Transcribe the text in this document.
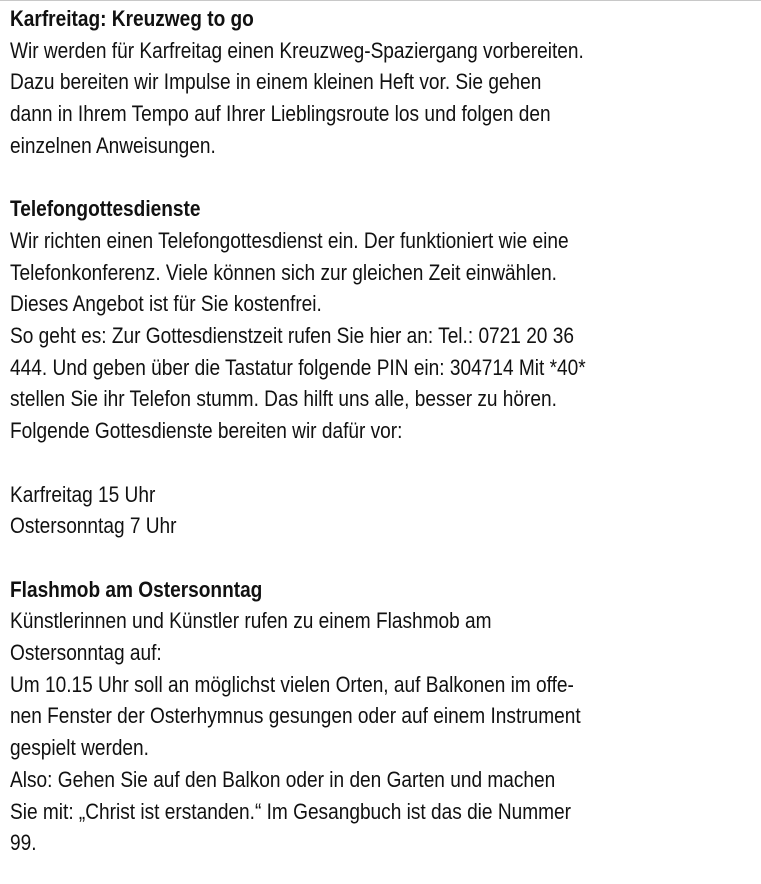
Karfreitag: Kreuzweg to go

Wir werden für Karfreitag einen Kreuzweg-Spaziergang vorbereiten.
Dazu bereiten wir Impulse in einem kleinen Heft vor. Sie gehen
dann in Ihrem Tempo auf Ihrer Lieblingsroute los und folgen den
einzelnen Anweisungen.

Telefongottesdienste

Wir richten einen Telefongottesdienst ein. Der funktioniert wie eine
Telefonkonferenz. Viele können sich zur gleichen Zeit einwählen.
Dieses Angebot ist für Sie kostenfrei.
So geht es: Zur Gottesdienstzeit rufen Sie hier an: Tel.: 0721 20 36
444. Und geben über die Tastatur folgende PIN ein: 304714 Mit *40*
stellen Sie ihr Telefon stumm. Das hilft uns alle, besser zu hören.
Folgende Gottesdienste bereiten wir dafür vor:

Karfreitag 15 Uhr
Ostersonntag 7 Uhr

Flashmob am Ostersonntag

Künstlerinnen und Künstler rufen zu einem Flashmob am
Ostersonntag auf:
Um 10.15 Uhr soll an möglichst vielen Orten, auf Balkonen im offe-
nen Fenster der Osterhymnus gesungen oder auf einem Instrument
gespielt werden.
Also: Gehen Sie auf den Balkon oder in den Garten und machen
Sie mit: „Christ ist erstanden.“ Im Gesangbuch ist das die Nummer
99.
